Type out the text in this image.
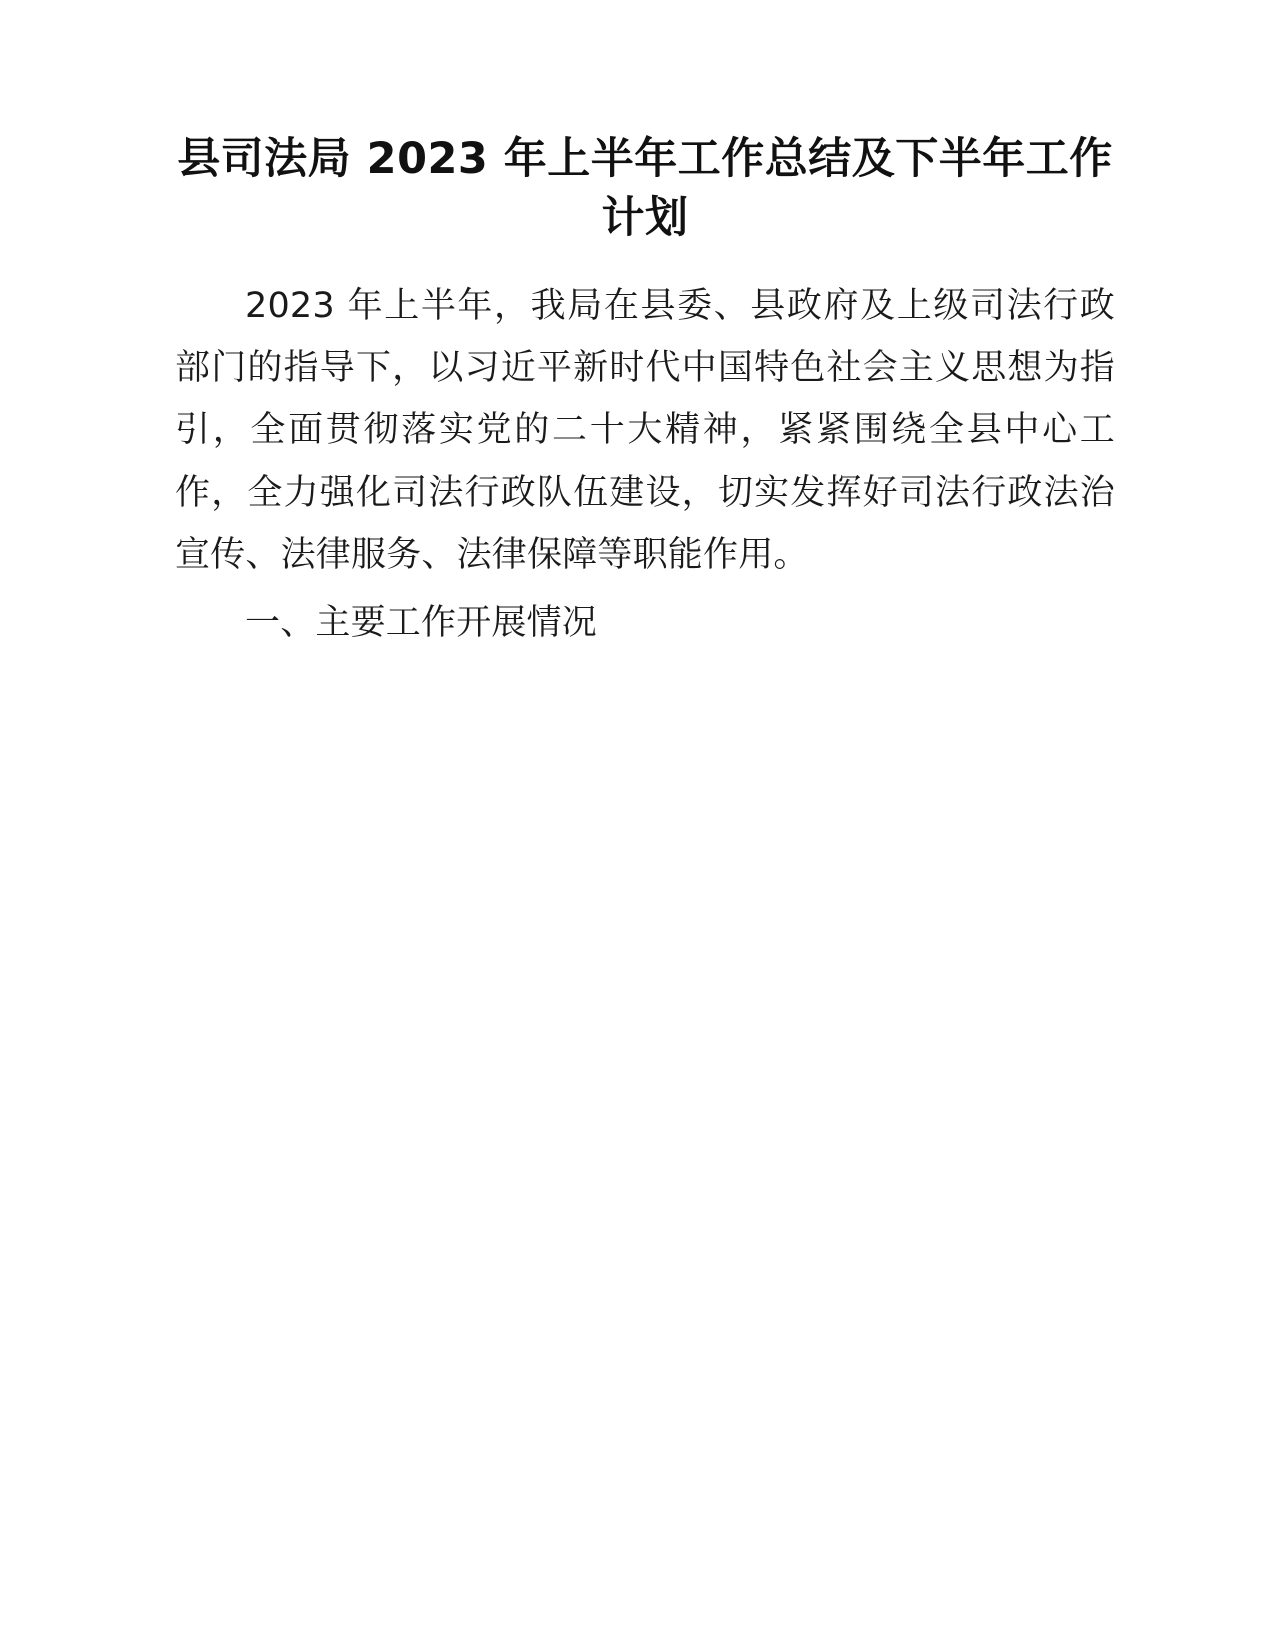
县司法局 2023 年上半年工作总结及下半年工作计划

2023 年上半年，我局在县委、县政府及上级司法行政部门的指导下，以习近平新时代中国特色社会主义思想为指引，全面贯彻落实党的二十大精神，紧紧围绕全县中心工作，全力强化司法行政队伍建设，切实发挥好司法行政法治宣传、法律服务、法律保障等职能作用。

一、主要工作开展情况
